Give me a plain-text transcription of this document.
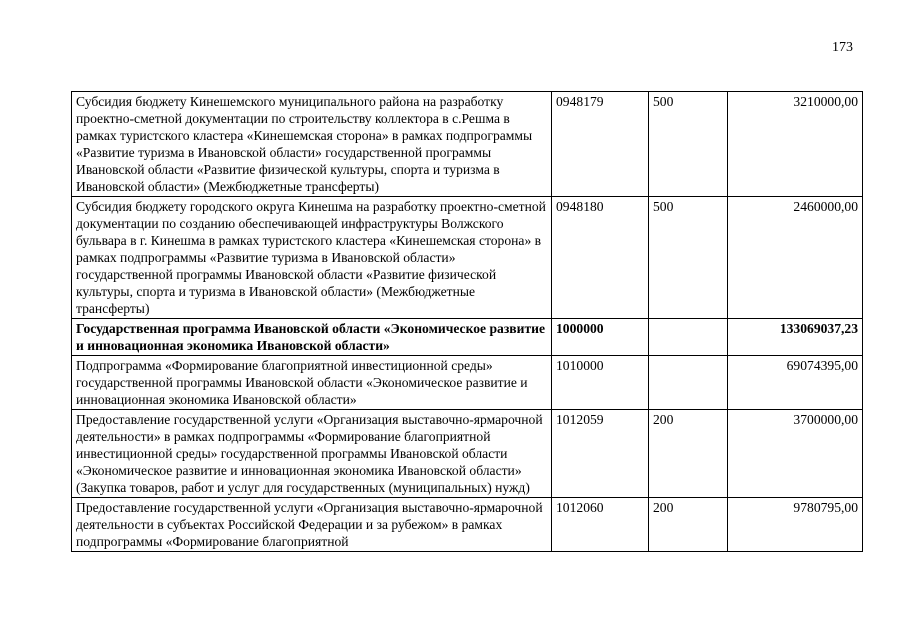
173
Субсидия бюджету Кинешемского муниципального района на разработку проектно-сметной документации по строительству коллектора в с.Решма в рамках туристского кластера «Кинешемская сторона» в рамках подпрограммы «Развитие туризма в Ивановской области» государственной программы Ивановской области «Развитие физической культуры, спорта и туризма в Ивановской области» (Межбюджетные трансферты)	0948179	500	3210000,00
Субсидия бюджету городского округа Кинешма на разработку проектно-сметной документации по созданию обеспечивающей инфраструктуры Волжского бульвара в г. Кинешма в рамках туристского кластера «Кинешемская сторона» в рамках подпрограммы «Развитие туризма в Ивановской области» государственной программы Ивановской области «Развитие физической культуры, спорта и туризма в Ивановской области» (Межбюджетные трансферты)	0948180	500	2460000,00
Государственная программа Ивановской области «Экономическое развитие и инновационная экономика Ивановской области»	1000000		133069037,23
Подпрограмма «Формирование благоприятной инвестиционной среды» государственной программы Ивановской области «Экономическое развитие и инновационная экономика Ивановской области»	1010000		69074395,00
Предоставление государственной услуги «Организация выставочно-ярмарочной деятельности» в рамках подпрограммы «Формирование благоприятной инвестиционной среды» государственной программы Ивановской области «Экономическое развитие и инновационная экономика Ивановской области» (Закупка товаров, работ и услуг для государственных (муниципальных) нужд)	1012059	200	3700000,00
Предоставление государственной услуги «Организация выставочно-ярмарочной деятельности в субъектах Российской Федерации и за рубежом» в рамках подпрограммы «Формирование благоприятной	1012060	200	9780795,00
